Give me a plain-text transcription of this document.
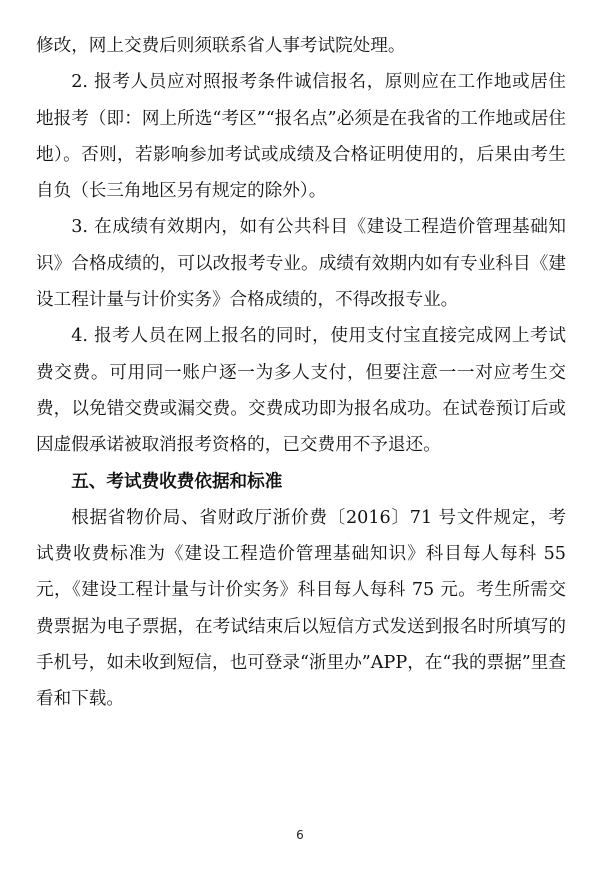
修改，网上交费后则须联系省人事考试院处理。

2. 报考人员应对照报考条件诚信报名，原则应在工作地或居住地报考（即：网上所选“考区”“报名点”必须是在我省的工作地或居住地）。否则，若影响参加考试或成绩及合格证明使用的，后果由考生自负（长三角地区另有规定的除外）。

3. 在成绩有效期内，如有公共科目《建设工程造价管理基础知识》合格成绩的，可以改报考专业。成绩有效期内如有专业科目《建设工程计量与计价实务》合格成绩的，不得改报专业。

4. 报考人员在网上报名的同时，使用支付宝直接完成网上考试费交费。可用同一账户逐一为多人支付，但要注意一一对应考生交费，以免错交费或漏交费。交费成功即为报名成功。在试卷预订后或因虚假承诺被取消报考资格的，已交费用不予退还。

五、考试费收费依据和标准

根据省物价局、省财政厅浙价费〔2016〕71 号文件规定，考试费收费标准为《建设工程造价管理基础知识》科目每人每科 55 元，《建设工程计量与计价实务》科目每人每科 75 元。考生所需交费票据为电子票据，在考试结束后以短信方式发送到报名时所填写的手机号，如未收到短信，也可登录“浙里办”APP，在“我的票据”里查看和下载。

6
